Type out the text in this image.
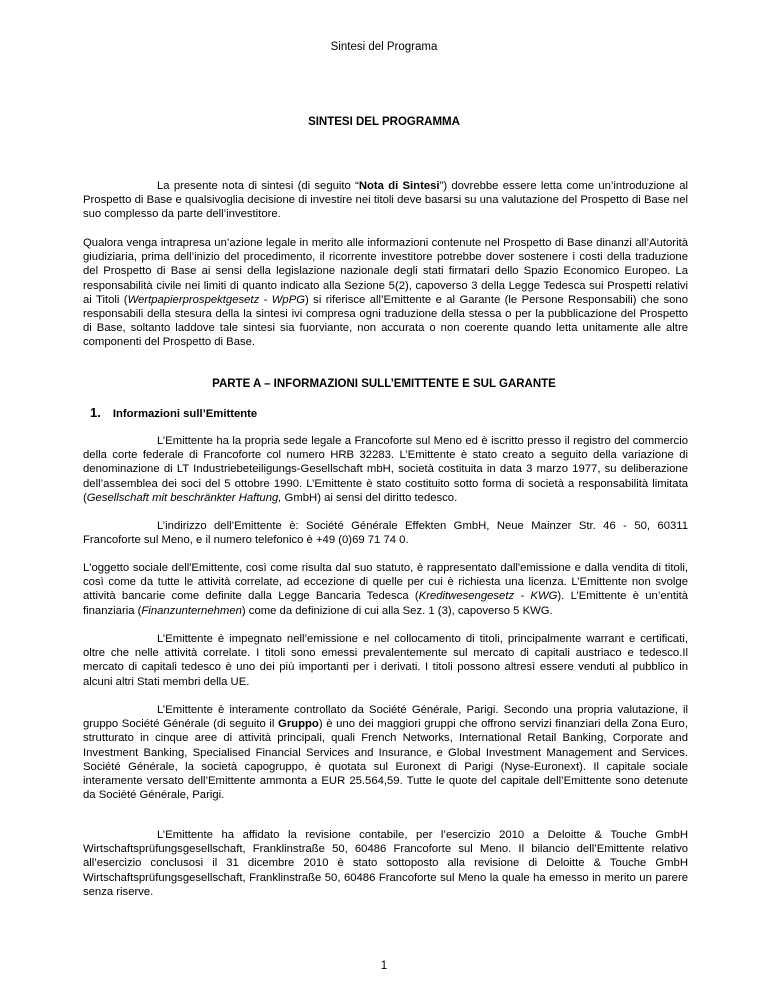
Sintesi del Programa
SINTESI DEL PROGRAMMA

La presente nota di sintesi (di seguito “Nota di Sintesi”) dovrebbe essere letta come un’introduzione al Prospetto di Base e qualsivoglia decisione di investire nei titoli deve basarsi su una valutazione del Prospetto di Base nel suo complesso da parte dell’investitore.

Qualora venga intrapresa un’azione legale in merito alle informazioni contenute nel Prospetto di Base dinanzi all’Autorità giudiziaria, prima dell’inizio del procedimento, il ricorrente investitore potrebbe dover sostenere i costi della traduzione del Prospetto di Base ai sensi della legislazione nazionale degli stati firmatari dello Spazio Economico Europeo. La responsabilità civile nei limiti di quanto indicato alla Sezione 5(2), capoverso 3 della Legge Tedesca sui Prospetti relativi ai Titoli (Wertpapierprospektgesetz - WpPG) si riferisce all’Emittente e al Garante (le Persone Responsabili) che sono responsabili della stesura della la sintesi ivi compresa ogni traduzione della stessa o per la pubblicazione del Prospetto di Base, soltanto laddove tale sintesi sia fuorviante, non accurata o non coerente quando letta unitamente alle altre componenti del Prospetto di Base.

PARTE A – INFORMAZIONI SULL’EMITTENTE E SUL GARANTE
1. Informazioni sull’Emittente

L’Emittente ha la propria sede legale a Francoforte sul Meno ed è iscritto presso il registro del commercio della corte federale di Francoforte col numero HRB 32283. L’Emittente è stato creato a seguito della variazione di denominazione di LT Industriebeteiligungs-Gesellschaft mbH, società costituita in data 3 marzo 1977, su deliberazione dell’assemblea dei soci del 5 ottobre 1990. L’Emittente è stato costituito sotto forma di società a responsabilità limitata (Gesellschaft mit beschränkter Haftung, GmbH) ai sensi del diritto tedesco.

L’indirizzo dell’Emittente è: Société Générale Effekten GmbH, Neue Mainzer Str. 46 - 50, 60311 Francoforte sul Meno, e il numero telefonico è +49 (0)69 71 74 0.

L'oggetto sociale dell'Emittente, così come risulta dal suo statuto, è rappresentato dall'emissione e dalla vendita di titoli, così come da tutte le attività correlate, ad eccezione di quelle per cui è richiesta una licenza. L’Emittente non svolge attività bancarie come definite dalla Legge Bancaria Tedesca (Kreditwesengesetz - KWG). L’Emittente è un’entità finanziaria (Finanzunternehmen) come da definizione di cui alla Sez. 1 (3), capoverso 5 KWG.

L’Emittente è impegnato nell’emissione e nel collocamento di titoli, principalmente warrant e certificati, oltre che nelle attività correlate. I titoli sono emessi prevalentemente sul mercato di capitali austriaco e tedesco.Il mercato di capitali tedesco è uno dei più importanti per i derivati. I titoli possono altresì essere venduti al pubblico in alcuni altri Stati membri della UE.

L’Emittente è interamente controllato da Société Générale, Parigi. Secondo una propria valutazione, il gruppo Société Générale (di seguito il Gruppo) è uno dei maggiori gruppi che offrono servizi finanziari della Zona Euro, strutturato in cinque aree di attività principali, quali French Networks, International Retail Banking, Corporate and Investment Banking, Specialised Financial Services and Insurance, e Global Investment Management and Services. Société Générale, la società capogruppo, è quotata sul Euronext di Parigi (Nyse-Euronext). Il capitale sociale interamente versato dell’Emittente ammonta a EUR 25.564,59. Tutte le quote del capitale dell’Emittente sono detenute da Société Générale, Parigi.

L’Emittente ha affidato la revisione contabile, per l’esercizio 2010 a Deloitte & Touche GmbH Wirtschaftsprüfungsgesellschaft, Franklinstraße 50, 60486 Francoforte sul Meno. Il bilancio dell’Emittente relativo all’esercizio conclusosi il 31 dicembre 2010 è stato sottoposto alla revisione di Deloitte & Touche GmbH Wirtschaftsprüfungsgesellschaft, Franklinstraße 50, 60486 Francoforte sul Meno la quale ha emesso in merito un parere senza riserve.

1
